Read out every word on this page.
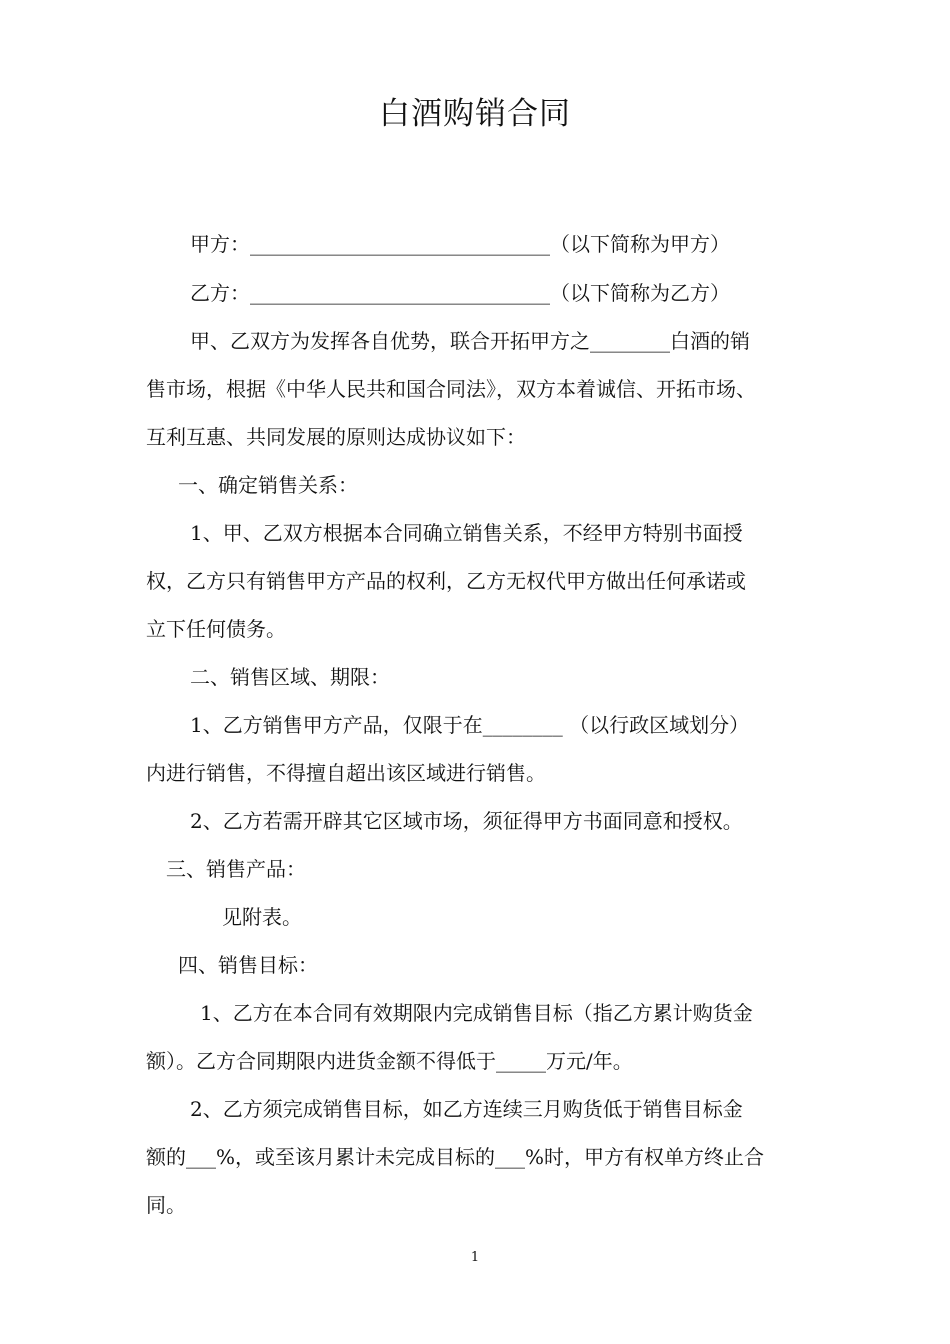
白酒购销合同
甲方：______________________________（以下简称为甲方）
乙方：______________________________（以下简称为乙方）
甲、乙双方为发挥各自优势，联合开拓甲方之________白酒的销
售市场，根据《中华人民共和国合同法》，双方本着诚信、开拓市场、
互利互惠、共同发展的原则达成协议如下：
一、确定销售关系：
1、甲、乙双方根据本合同确立销售关系，不经甲方特别书面授
权，乙方只有销售甲方产品的权利，乙方无权代甲方做出任何承诺或
立下任何债务。
二、销售区域、期限：
1、乙方销售甲方产品，仅限于在________ （以行政区域划分）
内进行销售，不得擅自超出该区域进行销售。
2、乙方若需开辟其它区域市场，须征得甲方书面同意和授权。
三、销售产品：
见附表。
四、销售目标：
1、乙方在本合同有效期限内完成销售目标（指乙方累计购货金
额）。乙方合同期限内进货金额不得低于_____万元/年。
2、乙方须完成销售目标，如乙方连续三月购货低于销售目标金
额的___%，或至该月累计未完成目标的___%时，甲方有权单方终止合
同。
1
